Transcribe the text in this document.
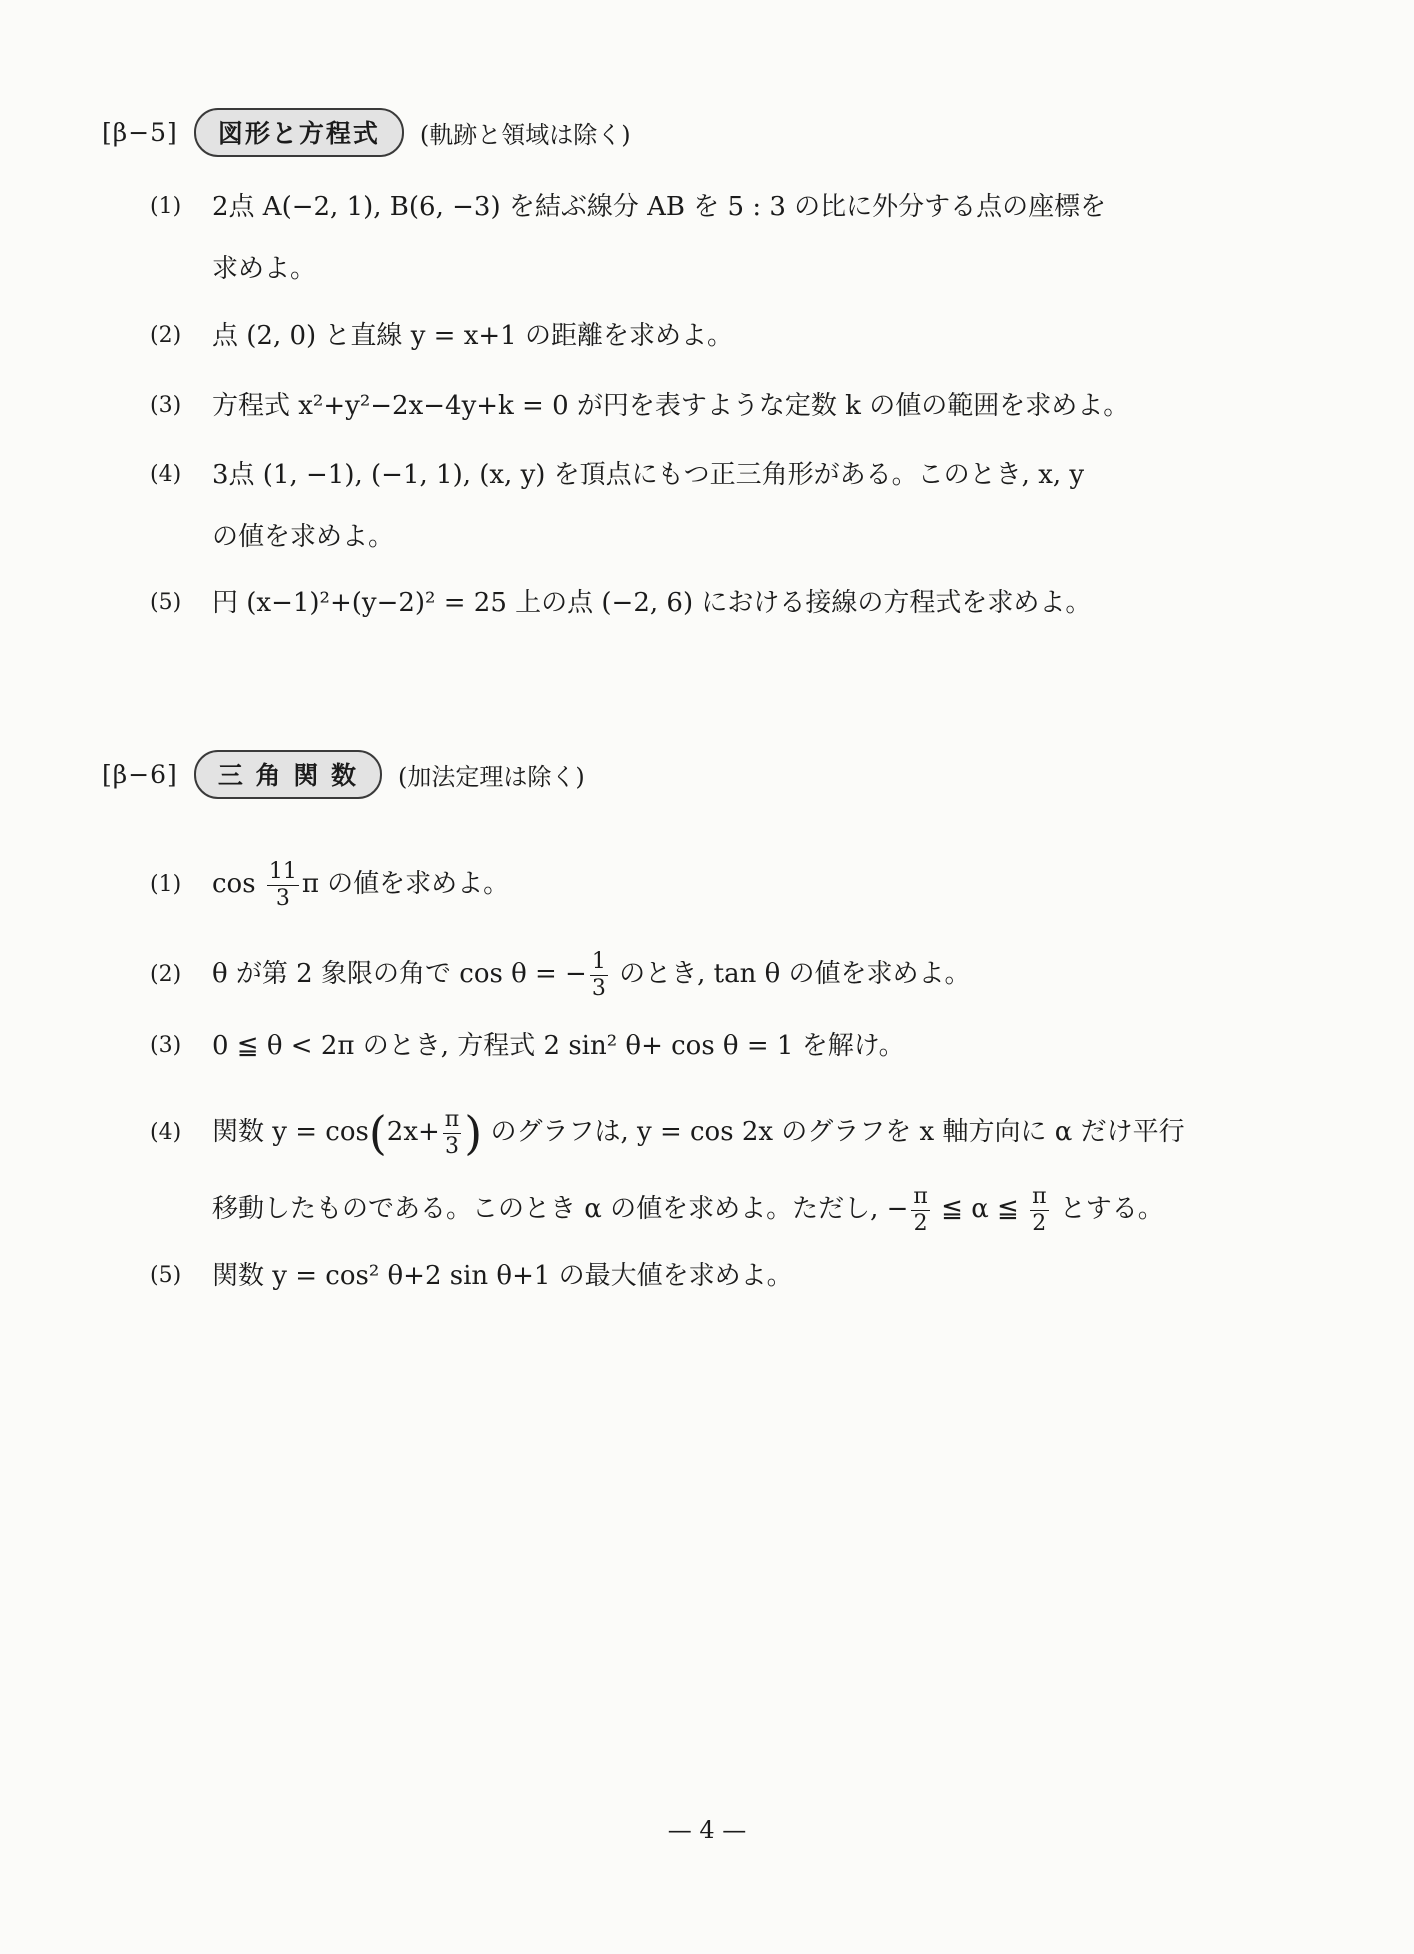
[β−5]	図形と方程式	(軌跡と領域は除く)
(1) 2点 A(−2, 1), B(6, −3) を結ぶ線分 AB を 5 : 3 の比に外分する点の座標を
求めよ。
(2) 点 (2, 0) と直線 y = x+1 の距離を求めよ。
(3) 方程式 x²+y²−2x−4y+k = 0 が円を表すような定数 k の値の範囲を求めよ。
(4) 3点 (1, −1), (−1, 1), (x, y) を頂点にもつ正三角形がある。このとき, x, y
の値を求めよ。
(5) 円 (x−1)²+(y−2)² = 25 上の点 (−2, 6) における接線の方程式を求めよ。
[β−6]	三 角 関 数	(加法定理は除く)
(1) $\cos \frac{11}{3}$ π の値を求めよ。
(2) θ が第 2 象限の角で cos θ = − $\frac{1}{3}$ のとき, tan θ の値を求めよ。
(3) 0 ≦ θ < 2π のとき, 方程式 2 sin² θ+ cos θ = 1 を解け。
(4) 関数 $y = \cos(2x+ \frac{\pi}{3}$ ) のグラフは, y = cos 2x のグラフを x 軸方向に α だけ平行
移動したものである。このとき α の値を求めよ。ただし, − $\frac{\pi}{2}$ ≦ α ≦ $\frac{\pi}{2}$ とする。
(5) 関数 y = cos² θ+2 sin θ+1 の最大値を求めよ。
— 4 —
